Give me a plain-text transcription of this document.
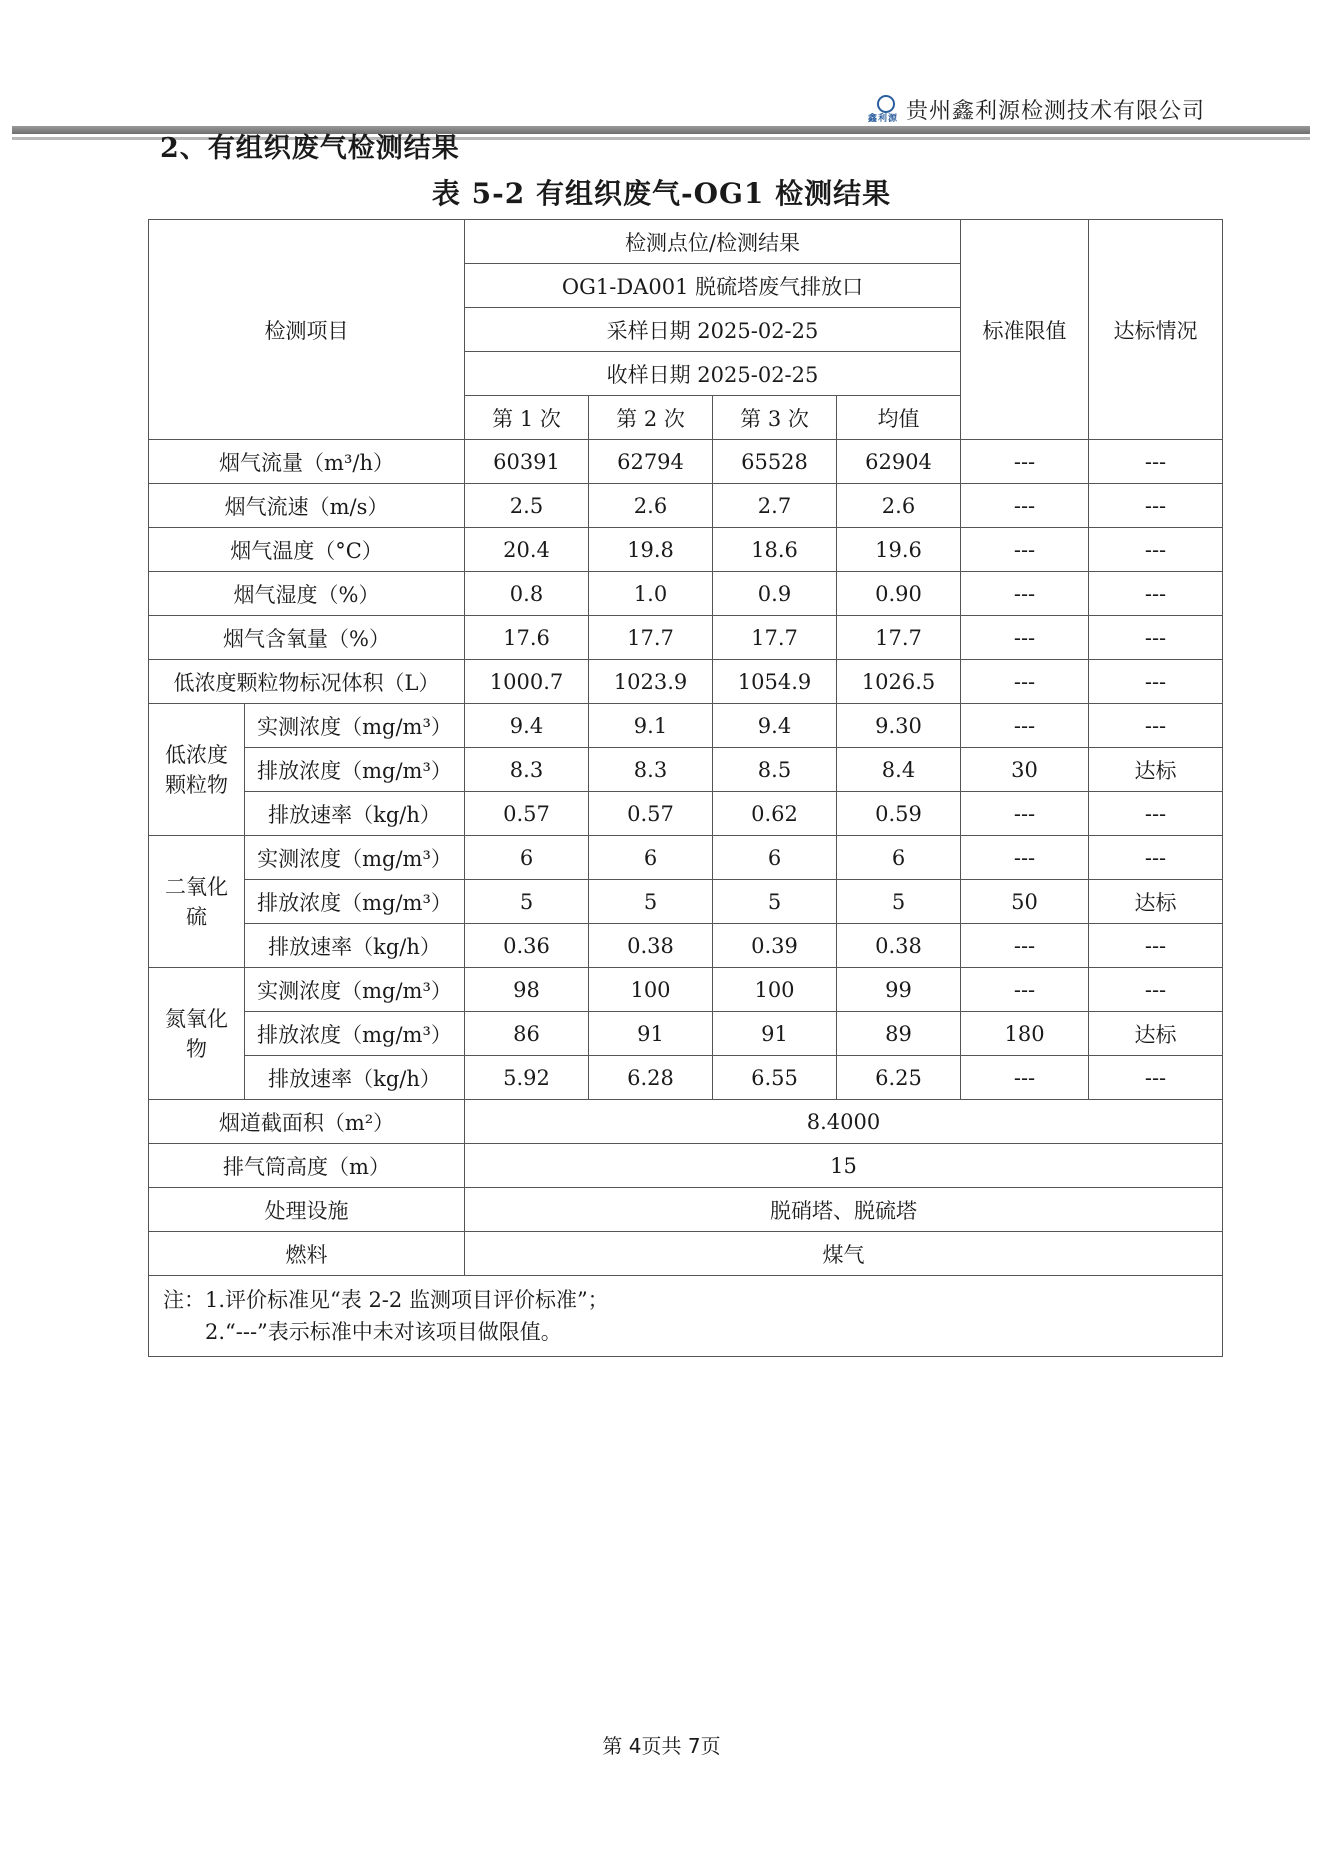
鑫利源 贵州鑫利源检测技术有限公司
2、有组织废气检测结果
表 5-2 有组织废气-OG1 检测结果
检测项目		检测点位/检测结果				标准限值	达标情况
		OG1-DA001 脱硫塔废气排放口					
		采样日期 2025-02-25					
		收样日期 2025-02-25					
		第 1 次	第 2 次	第 3 次	均值		
烟气流量（m³/h）		60391	62794	65528	62904	---	---
烟气流速（m/s）		2.5	2.6	2.7	2.6	---	---
烟气温度（°C）		20.4	19.8	18.6	19.6	---	---
烟气湿度（%）		0.8	1.0	0.9	0.90	---	---
烟气含氧量（%）		17.6	17.7	17.7	17.7	---	---
低浓度颗粒物标况体积（L）		1000.7	1023.9	1054.9	1026.5	---	---
低浓度颗粒物	实测浓度（mg/m³）	9.4	9.1	9.4	9.30	---	---
	排放浓度（mg/m³）	8.3	8.3	8.5	8.4	30	达标
	排放速率（kg/h）	0.57	0.57	0.62	0.59	---	---
二氧化硫	实测浓度（mg/m³）	6	6	6	6	---	---
	排放浓度（mg/m³）	5	5	5	5	50	达标
	排放速率（kg/h）	0.36	0.38	0.39	0.38	---	---
氮氧化物	实测浓度（mg/m³）	98	100	100	99	---	---
	排放浓度（mg/m³）	86	91	91	89	180	达标
	排放速率（kg/h）	5.92	6.28	6.55	6.25	---	---
烟道截面积（m²）		8.4000					
排气筒高度（m）		15					
处理设施		脱硝塔、脱硫塔					
燃料		煤气					

注：1.评价标准见“表 2-2 监测项目评价标准”；
2.“---”表示标准中未对该项目做限值。							
第 4页共 7页
